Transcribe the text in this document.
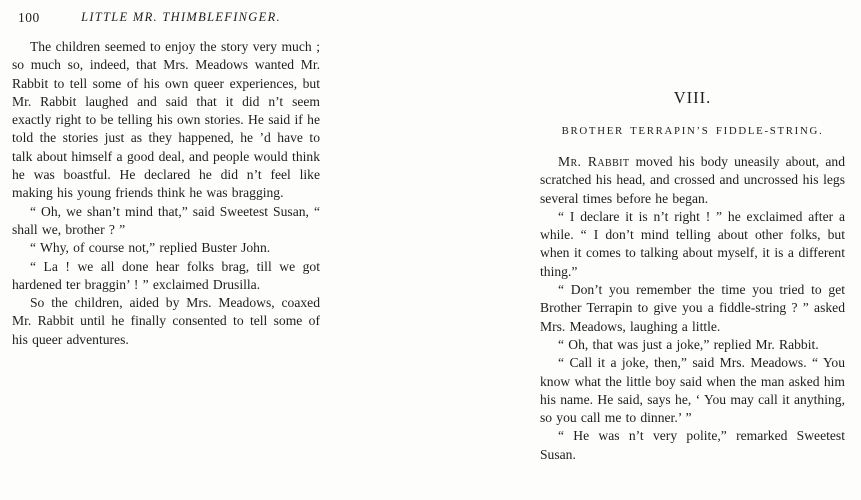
100	LITTLE MR. THIMBLEFINGER.

The children seemed to enjoy the story very much ; so much so, indeed, that Mrs. Meadows wanted Mr. Rabbit to tell some of his own queer experiences, but Mr. Rabbit laughed and said that it did n’t seem exactly right to be telling his own stories. He said if he told the stories just as they happened, he ’d have to talk about himself a good deal, and people would think he was boastful. He declared he did n’t feel like making his young friends think he was bragging.

“ Oh, we shan’t mind that,” said Sweetest Susan, “ shall we, brother ? ”

“ Why, of course not,” replied Buster John.

“ La ! we all done hear folks brag, till we got hardened ter braggin’ ! ” exclaimed Drusilla.

So the children, aided by Mrs. Meadows, coaxed Mr. Rabbit until he finally consented to tell some of his queer adventures.

VIII.
BROTHER TERRAPIN’S FIDDLE-STRING.

Mr. Rabbit moved his body uneasily about, and scratched his head, and crossed and uncrossed his legs several times before he began.

“ I declare it is n’t right ! ” he exclaimed after a while. “ I don’t mind telling about other folks, but when it comes to talking about myself, it is a different thing.”

“ Don’t you remember the time you tried to get Brother Terrapin to give you a fiddle-string ? ” asked Mrs. Meadows, laughing a little.

“ Oh, that was just a joke,” replied Mr. Rabbit.

“ Call it a joke, then,” said Mrs. Meadows. “ You know what the little boy said when the man asked him his name. He said, says he, ‘ You may call it anything, so you call me to dinner.’ ”

“ He was n’t very polite,” remarked Sweetest Susan.
